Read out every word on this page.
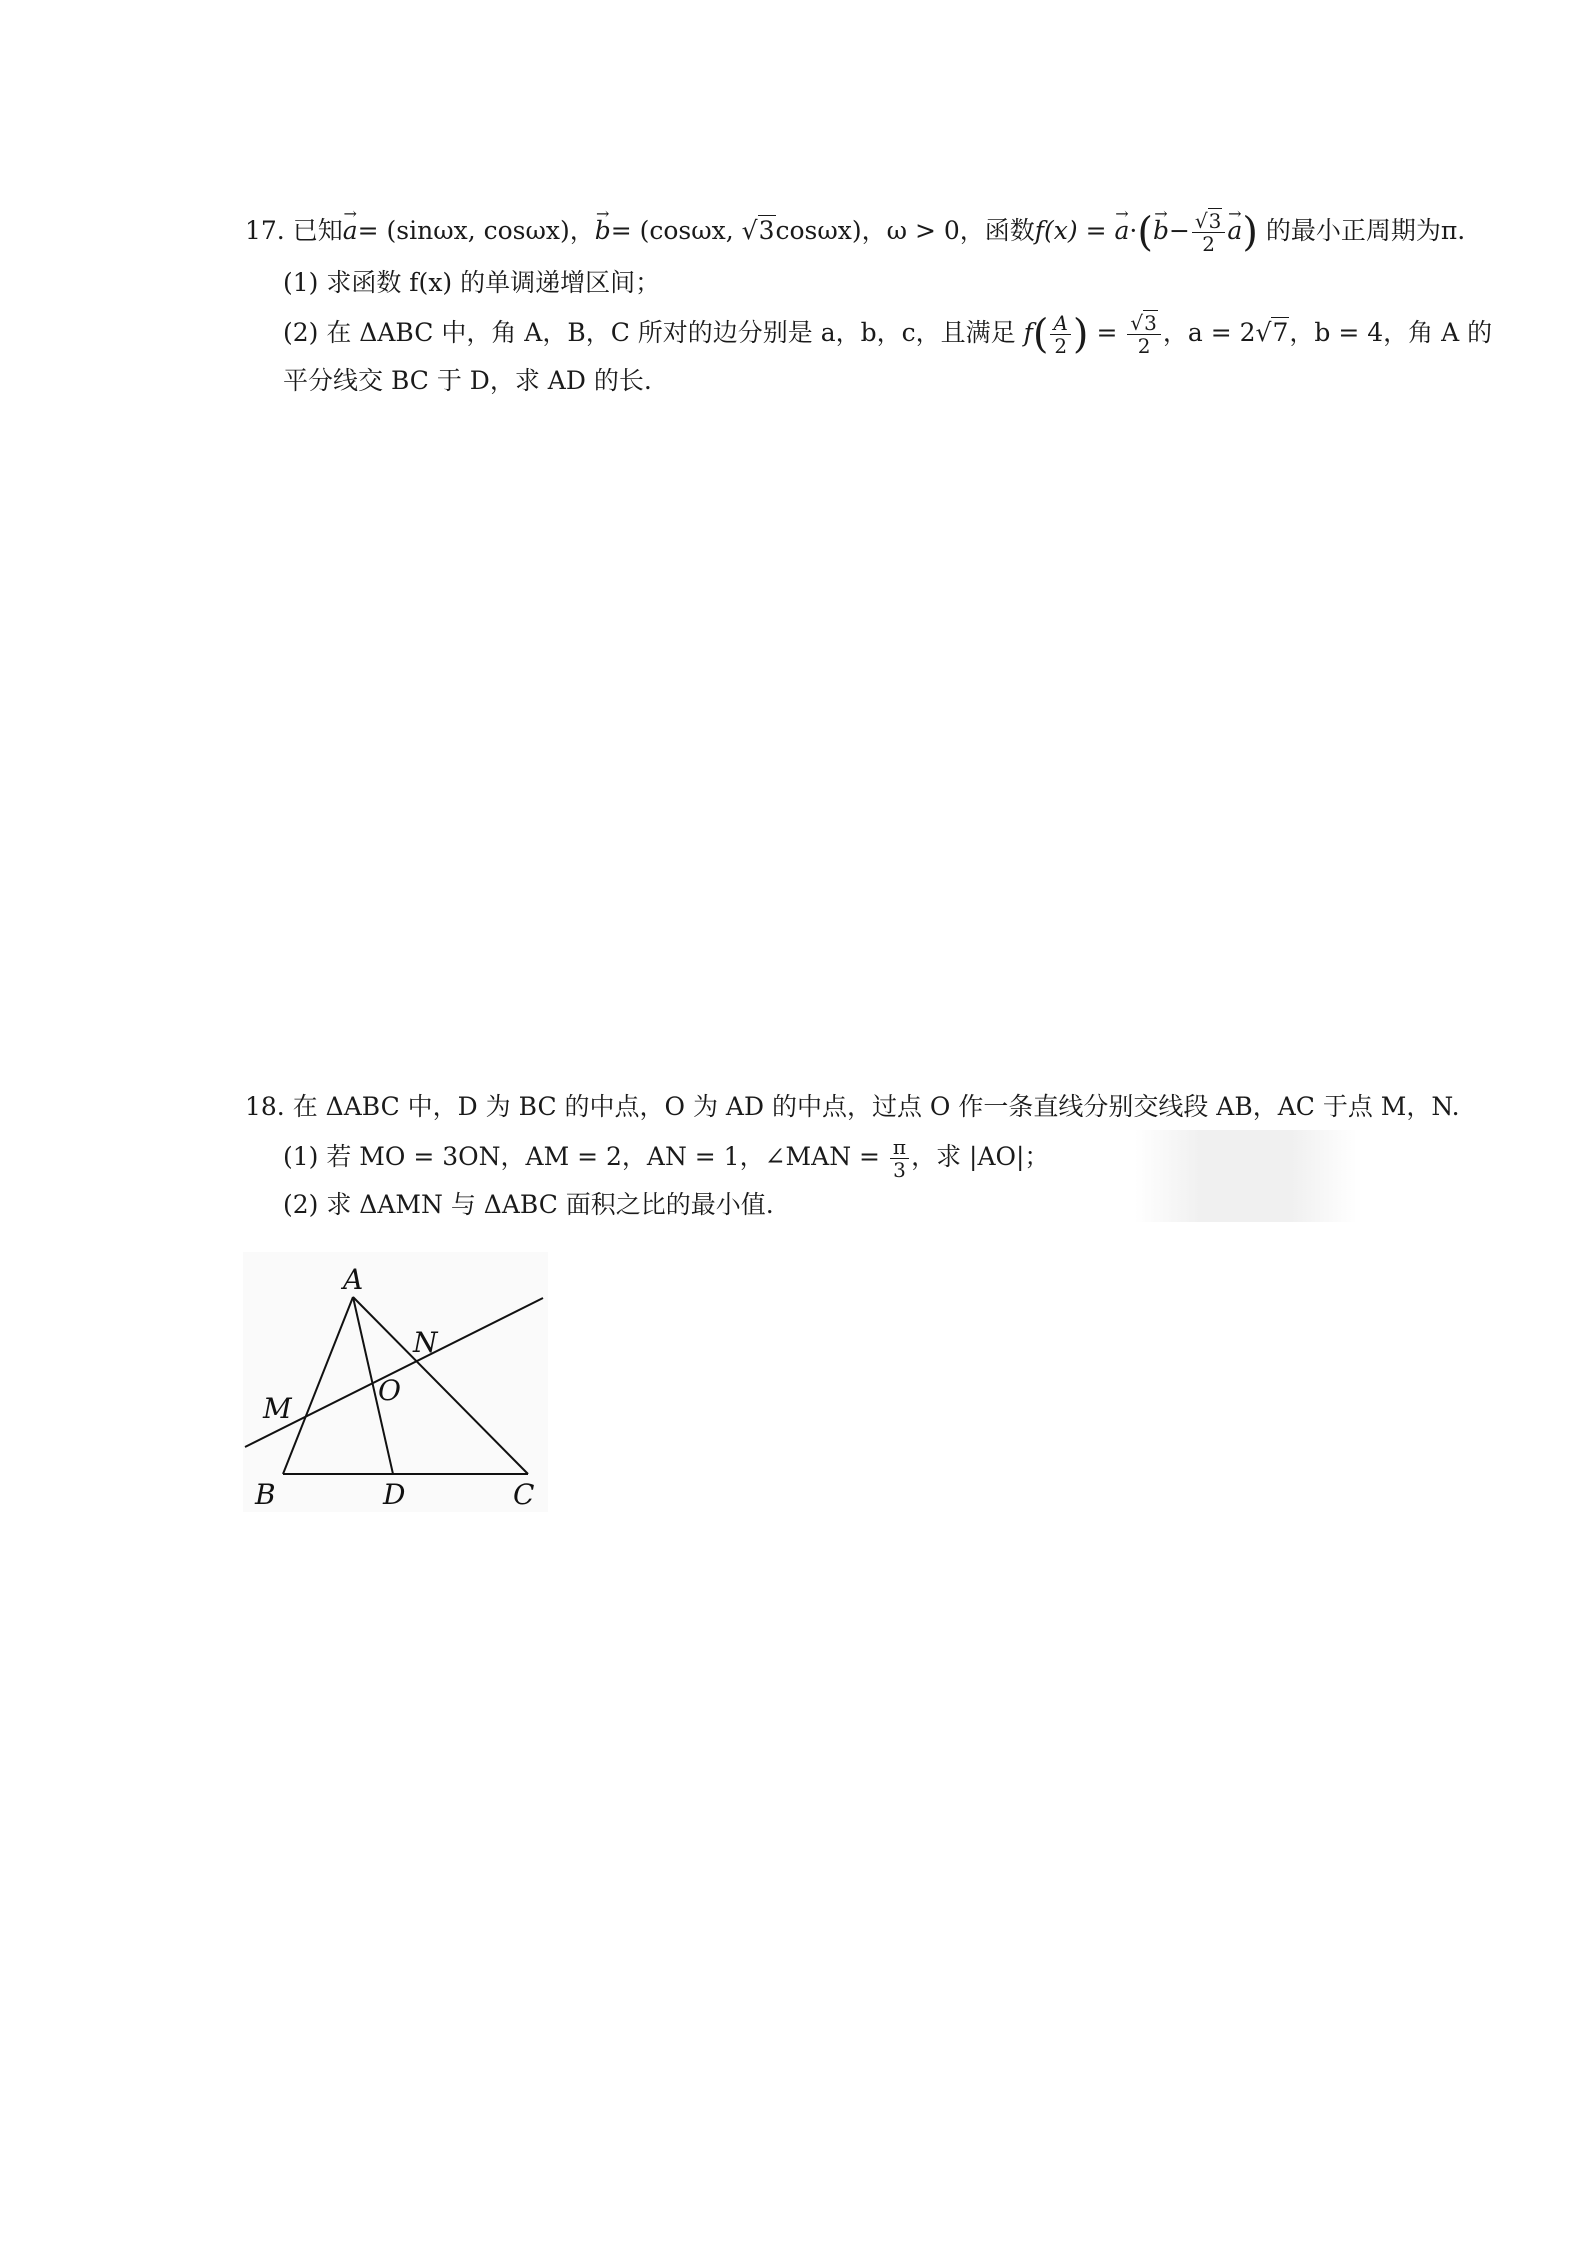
17. 已知→ a= (sinωx, cosωx)，→ b= (cosωx, √3cosωx)，ω > 0，函数f(x) = → $a\cdot(\to b- \frac{√3}{2}$
→ a) 的最小正周期为π.
(1) 求函数 f(x) 的单调递增区间；
(2) 在 ΔABC 中，角 A，B，C 所对的边分别是 a，b，c，且满足 $f( \frac{A}{2}$ ) = $\frac{√3}{2}$ ，a = 2√7，b = 4，角 A 的
平分线交 BC 于 D，求 AD 的长.
18. 在 ΔABC 中，D 为 BC 的中点，O 为 AD 的中点，过点 O 作一条直线分别交线段 AB，AC 于点 M，N.
(1) 若 MO = 3ON，AM = 2，AN = 1，∠MAN = $\frac{\pi}{3}$ ，求 |AO|；
(2) 求 ΔAMN 与 ΔABC 面积之比的最小值.
A
B	C
D
M
N
O
